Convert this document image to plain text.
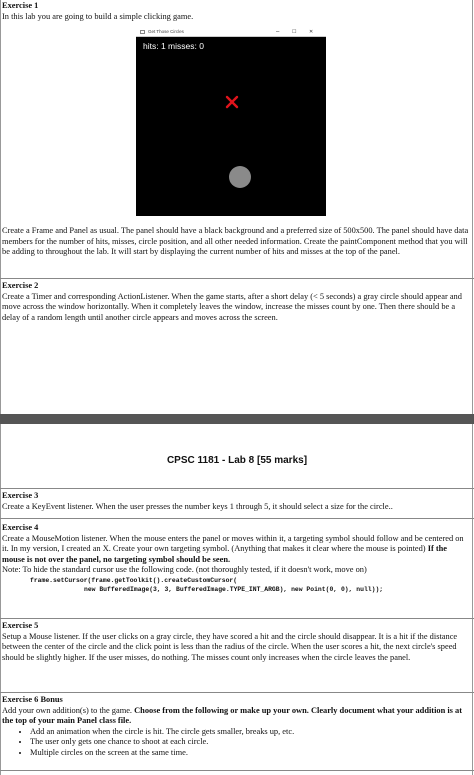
Exercise 1

In this lab you are going to build a simple clicking game.

Get Those Circles	–	☐	✕
hits: 1 misses: 0

Create a Frame and Panel as usual. The panel should have a black background and a preferred size of 500x500. The panel should have data members for the number of hits, misses, circle position, and all other needed information. Create the paintComponent method that you will be adding to throughout the lab. It will start by displaying the current number of hits and misses at the top of the panel.

Exercise 2

Create a Timer and corresponding ActionListener. When the game starts, after a short delay (< 5 seconds) a gray circle should appear and move across the window horizontally. When it completely leaves the window, increase the misses count by one. Then there should be a delay of a random length until another circle appears and moves across the screen.

CPSC 1181 - Lab 8 [55 marks]
Exercise 3

Create a KeyEvent listener. When the user presses the number keys 1 through 5, it should select a size for the circle..

Exercise 4

Create a MouseMotion listener. When the mouse enters the panel or moves within it, a targeting symbol should follow and be centered on it. In my version, I created an X. Create your own targeting symbol. (Anything that makes it clear where the mouse is pointed) If the mouse is not over the panel, no targeting symbol should be seen.

Note: To hide the standard cursor use the following code. (not thoroughly tested, if it doesn't work, move on)

frame.setCursor(frame.getToolkit().createCustomCursor(
new BufferedImage(3, 3, BufferedImage.TYPE_INT_ARGB), new Point(0, 0), null));
Exercise 5

Setup a Mouse listener. If the user clicks on a gray circle, they have scored a hit and the circle should disappear. It is a hit if the distance between the center of the circle and the click point is less than the radius of the circle. When the user scores a hit, the next circle's speed should be slightly higher. If the user misses, do nothing. The misses count only increases when the circle leaves the panel.

Exercise 6 Bonus

Add your own addition(s) to the game. Choose from the following or make up your own. Clearly document what your addition is at the top of your main Panel class file.

• Add an animation when the circle is hit. The circle gets smaller, breaks up, etc.
• The user only gets one chance to shoot at each circle.
• Multiple circles on the screen at the same time.
